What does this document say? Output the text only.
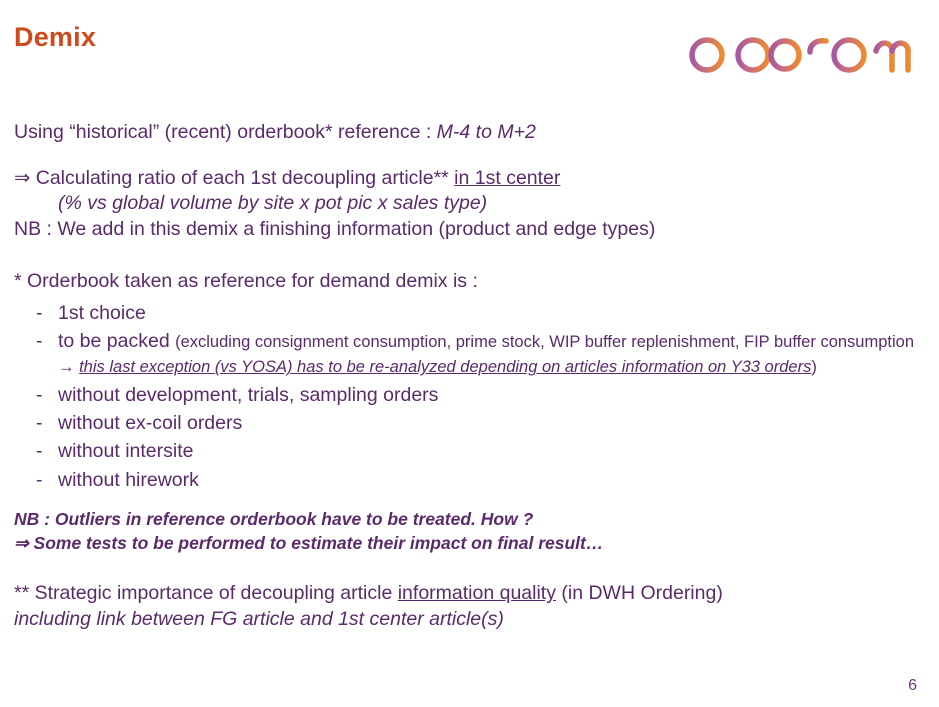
Demix
Using “historical” (recent) orderbook* reference : M-4 to M+2
⇒ Calculating ratio of each 1st decoupling article** in 1st center
(% vs global volume by site x pot pic x sales type)
NB : We add in this demix a finishing information (product and edge types)
* Orderbook taken as reference for demand demix is :
- 1st choice
- to be packed (excluding consignment consumption, prime stock, WIP buffer replenishment, FIP buffer consumption → this last exception (vs YOSA) has to be re-analyzed depending on articles information on Y33 orders)
- without development, trials, sampling orders
- without ex-coil orders
- without intersite
- without hirework
NB : Outliers in reference orderbook have to be treated. How ?
⇒ Some tests to be performed to estimate their impact on final result…
** Strategic importance of decoupling article information quality (in DWH Ordering)
including link between FG article and 1st center article(s)
6
